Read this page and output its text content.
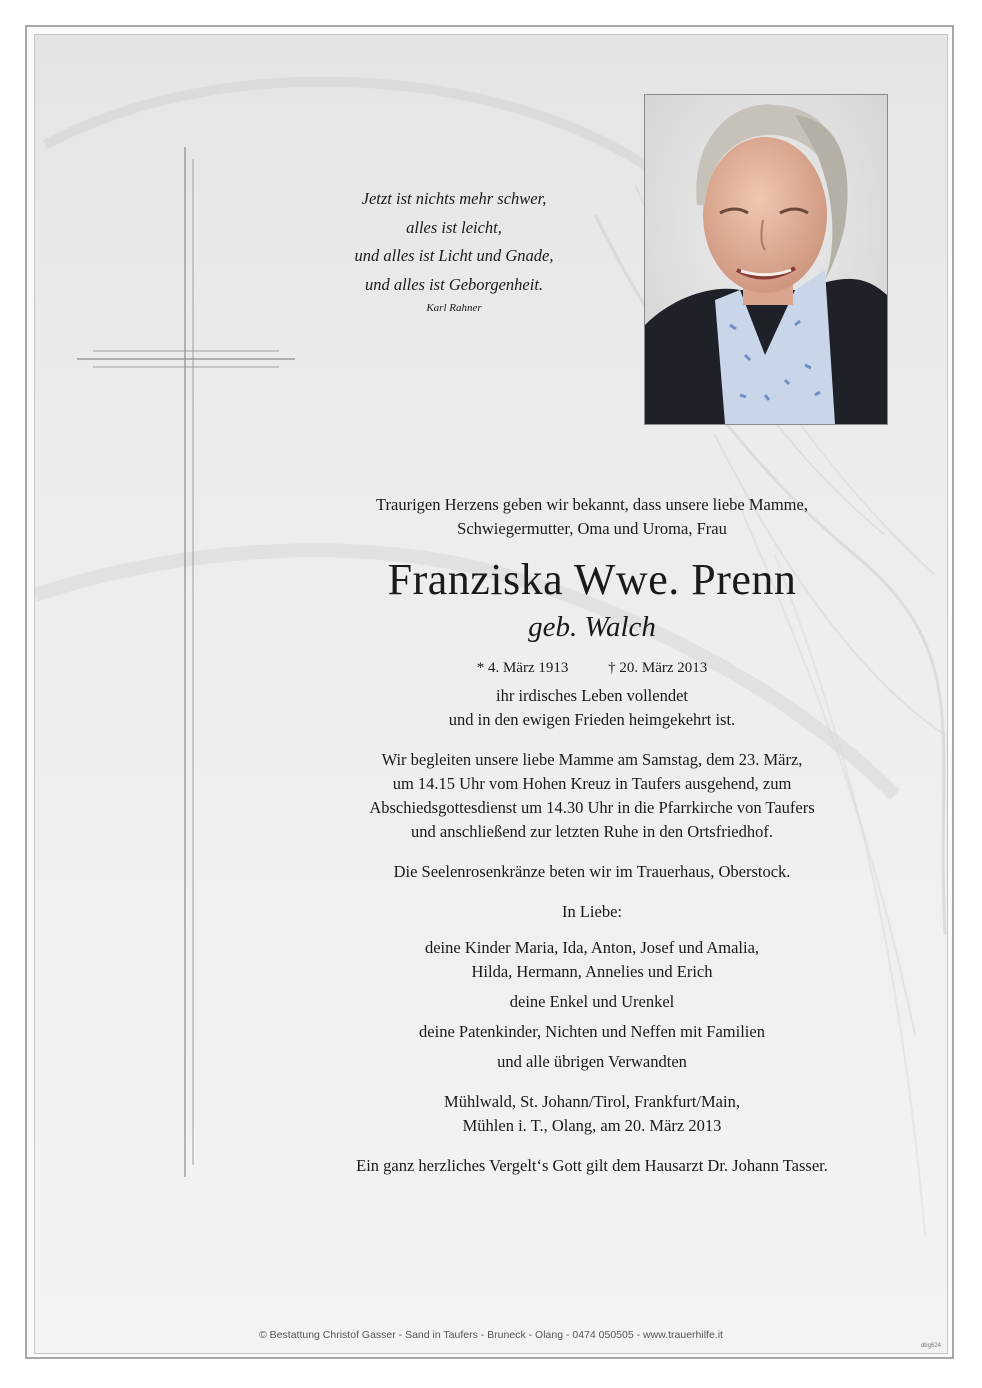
Jetzt ist nichts mehr schwer,
alles ist leicht,
und alles ist Licht und Gnade,
und alles ist Geborgenheit.
Karl Rahner
Traurigen Herzens geben wir bekannt, dass unsere liebe Mamme,
Schwiegermutter, Oma und Uroma, Frau
Franziska Wwe. Prenn
geb. Walch
* 4. März 1913	† 20. März 2013
ihr irdisches Leben vollendet
und in den ewigen Frieden heimgekehrt ist.
Wir begleiten unsere liebe Mamme am Samstag, dem 23. März,
um 14.15 Uhr vom Hohen Kreuz in Taufers ausgehend, zum
Abschiedsgottesdienst um 14.30 Uhr in die Pfarrkirche von Taufers
und anschließend zur letzten Ruhe in den Ortsfriedhof.
Die Seelenrosenkränze beten wir im Trauerhaus, Oberstock.
In Liebe:
deine Kinder Maria, Ida, Anton, Josef und Amalia,
Hilda, Hermann, Annelies und Erich
deine Enkel und Urenkel
deine Patenkinder, Nichten und Neffen mit Familien
und alle übrigen Verwandten
Mühlwald, St. Johann/Tirol, Frankfurt/Main,
Mühlen i. T., Olang, am 20. März 2013
Ein ganz herzliches Vergelt‘s Gott gilt dem Hausarzt Dr. Johann Tasser.
© Bestattung Christof Gasser - Sand in Taufers - Bruneck - Olang - 0474 050505 - www.trauerhilfe.it
dbg624
